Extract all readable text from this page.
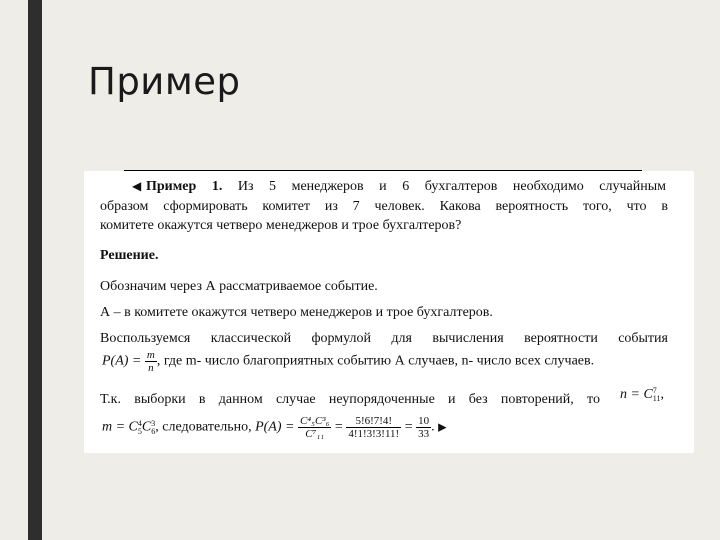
Пример
◀ Пример 1. Из 5 менеджеров и 6 бухгалтеров необходимо случайным
образом сформировать комитет из 7 человек. Какова вероятность того, что в
комитете окажутся четверо менеджеров и трое бухгалтеров?
Решение.
Обозначим через А рассматриваемое событие.
А – в комитете окажутся четверо менеджеров и трое бухгалтеров.
Воспользуемся классической формулой для вычисления вероятности события
$P(A) = \frac{m}{n}$ , где m- число благоприятных событию А случаев, n- число всех случаев.
Т.к. выборки в данном случае неупорядоченные и без повторений, то n = C 7
11 ,
m = C 4
5 C 3
6 , следовательно, $P(A) = \frac{\text{C⁴₅C³₆}}{\text{C⁷₁₁}} = \frac{5!6!7!4!}{4!1!3!3!11!} = \frac{10}{33}$ . ▶
